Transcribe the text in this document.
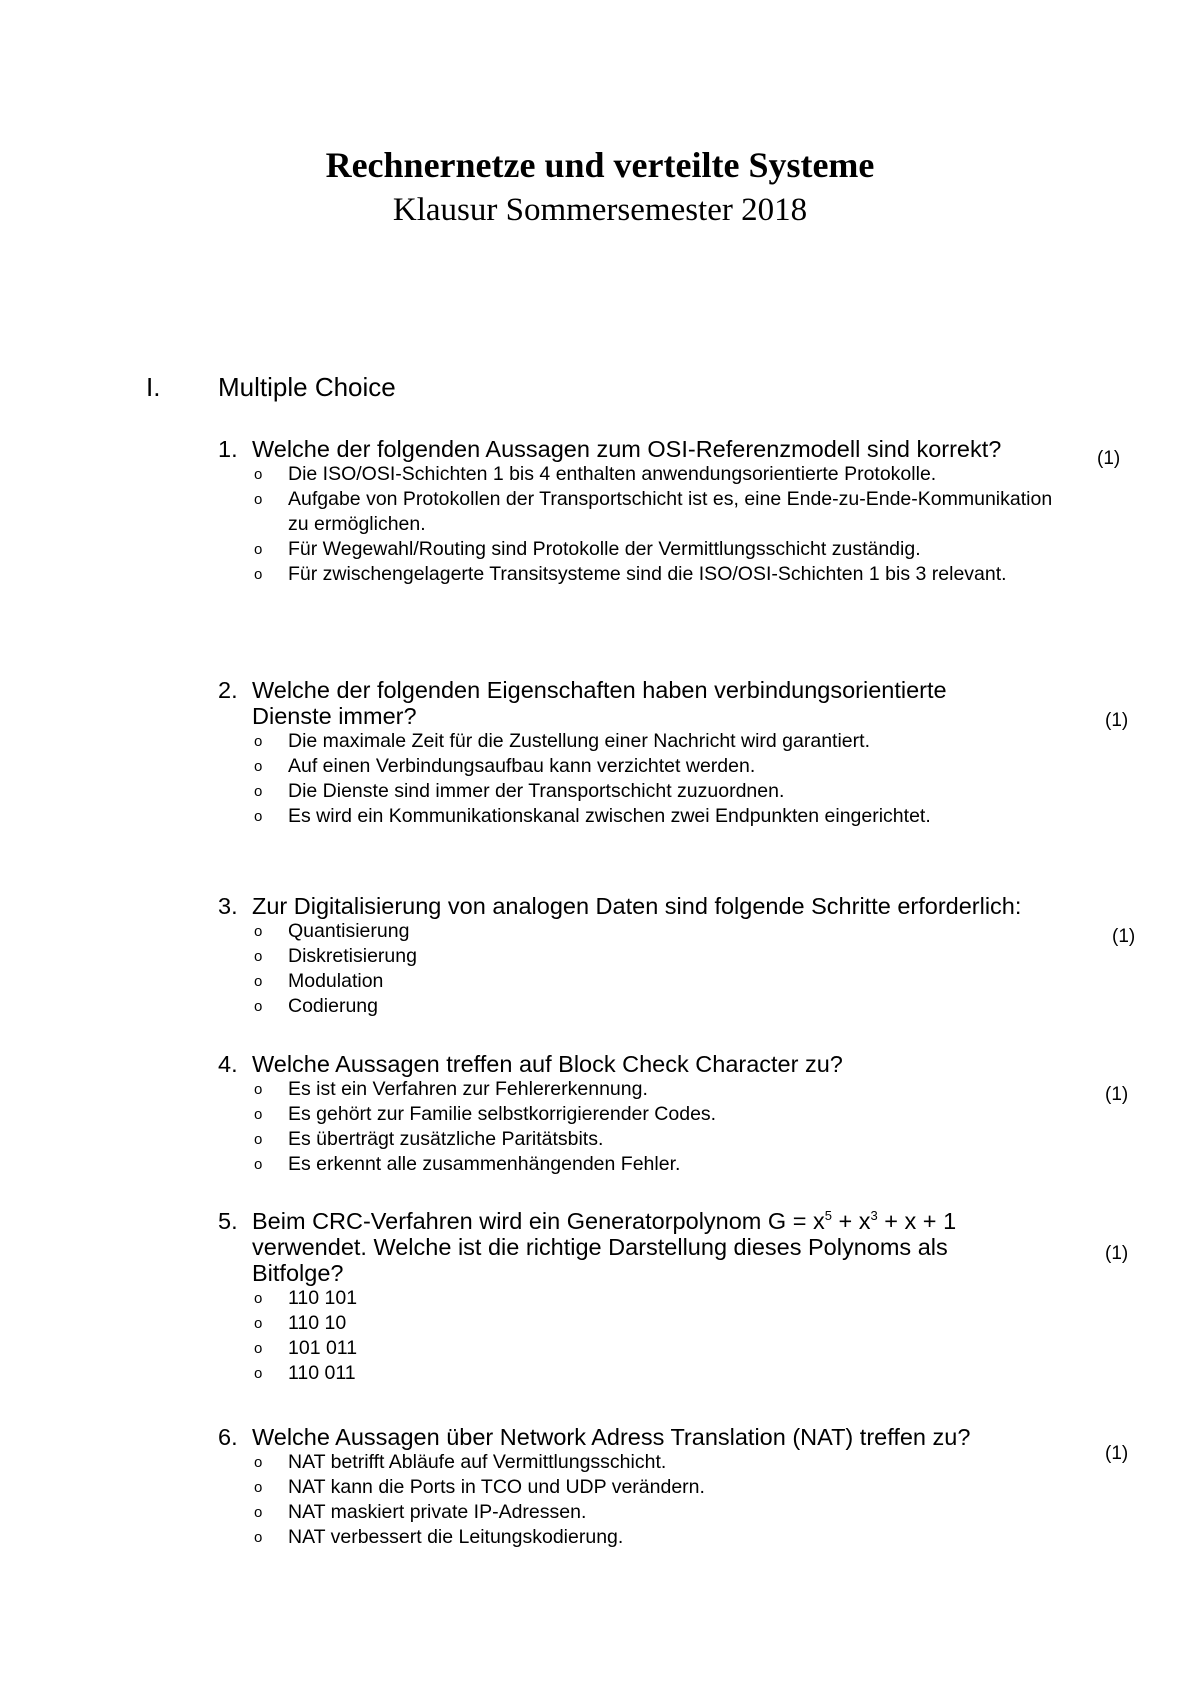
Rechnernetze und verteilte Systeme
Klausur Sommersemester 2018
I. Multiple Choice
1. Welche der folgenden Aussagen zum OSI-Referenzmodell sind korrekt?
o Die ISO/OSI-Schichten 1 bis 4 enthalten anwendungsorientierte Protokolle.
o Aufgabe von Protokollen der Transportschicht ist es, eine Ende-zu-Ende-Kommunikation zu ermöglichen.
o Für Wegewahl/Routing sind Protokolle der Vermittlungsschicht zuständig.
o Für zwischengelagerte Transitsysteme sind die ISO/OSI-Schichten 1 bis 3 relevant.
(1)
2. Welche der folgenden Eigenschaften haben verbindungsorientierte Dienste immer?
o Die maximale Zeit für die Zustellung einer Nachricht wird garantiert.
o Auf einen Verbindungsaufbau kann verzichtet werden.
o Die Dienste sind immer der Transportschicht zuzuordnen.
o Es wird ein Kommunikationskanal zwischen zwei Endpunkten eingerichtet.
(1)
3. Zur Digitalisierung von analogen Daten sind folgende Schritte erforderlich:
o Quantisierung
o Diskretisierung
o Modulation
o Codierung
(1)
4. Welche Aussagen treffen auf Block Check Character zu?
o Es ist ein Verfahren zur Fehlererkennung.
o Es gehört zur Familie selbstkorrigierender Codes.
o Es überträgt zusätzliche Paritätsbits.
o Es erkennt alle zusammenhängenden Fehler.
(1)
5. Beim CRC-Verfahren wird ein Generatorpolynom $G = x^5 + x^3 + x + 1$ verwendet. Welche ist die richtige Darstellung dieses Polynoms als Bitfolge?
o 110 101
o 110 10
o 101 011
o 110 011
(1)
6. Welche Aussagen über Network Adress Translation (NAT) treffen zu?
o NAT betrifft Abläufe auf Vermittlungsschicht.
o NAT kann die Ports in TCO und UDP verändern.
o NAT maskiert private IP-Adressen.
o NAT verbessert die Leitungskodierung.
(1)
